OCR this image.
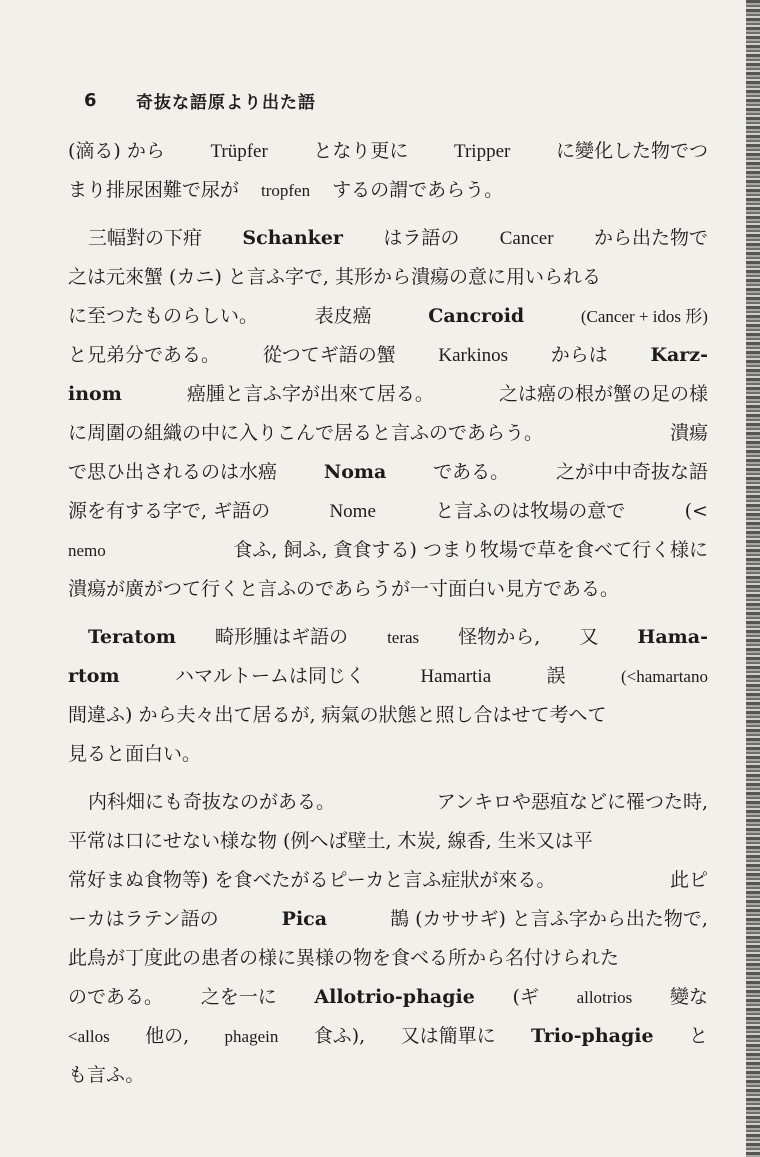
6	奇抜な語原より出た語
(滴る) から Trüpfer となり更に Tripper に變化した物でつ
まり排尿困難で尿が tropfen するの謂であらう。
三幅對の下疳 Schanker はラ語の Cancer から出た物で
之は元來蟹 (カニ) と言ふ字で, 其形から潰瘍の意に用いられる
に至つたものらしい。	表皮癌	Cancroid	(Cancer + idos 形)
と兄弟分である。 從つてギ語の蟹 Karkinos からは Karz-
inom	癌腫と言ふ字が出來て居る。	之は癌の根が蟹の足の様
に周圍の組織の中に入りこんで居ると言ふのであらう。	潰瘍
で思ひ出されるのは水癌 Noma である。 之が中中奇抜な語
源を有する字で, ギ語の	Nome	と言ふのは牧場の意で	(<
nemo	食ふ, 飼ふ, 貪食する) つまり牧場で草を食べて行く様に
潰瘍が廣がつて行くと言ふのであらうが一寸面白い見方である。
Teratom 畸形腫はギ語の teras 怪物から, 又 Hama-
rtom	ハマルトームは同じく	Hamartia	誤	(<hamartano
間違ふ) から夫々出て居るが, 病氣の狀態と照し合はせて考へて
見ると面白い。
内科畑にも奇抜なのがある。	アンキロや惡疽などに罹つた時,
平常は口にせない様な物 (例へば壁土, 木炭, 線香, 生米又は平
常好まぬ食物等) を食べたがるピーカと言ふ症狀が來る。	此ピ
ーカはラテン語の	Pica	鵲 (カササギ) と言ふ字から出た物で,
此鳥が丁度此の患者の様に異様の物を食べる所から名付けられた
のである。 之を一に Allotrio-phagie (ギ allotrios 變な
<allos 他の, phagein 食ふ), 又は簡單に Trio-phagie と
も言ふ。
